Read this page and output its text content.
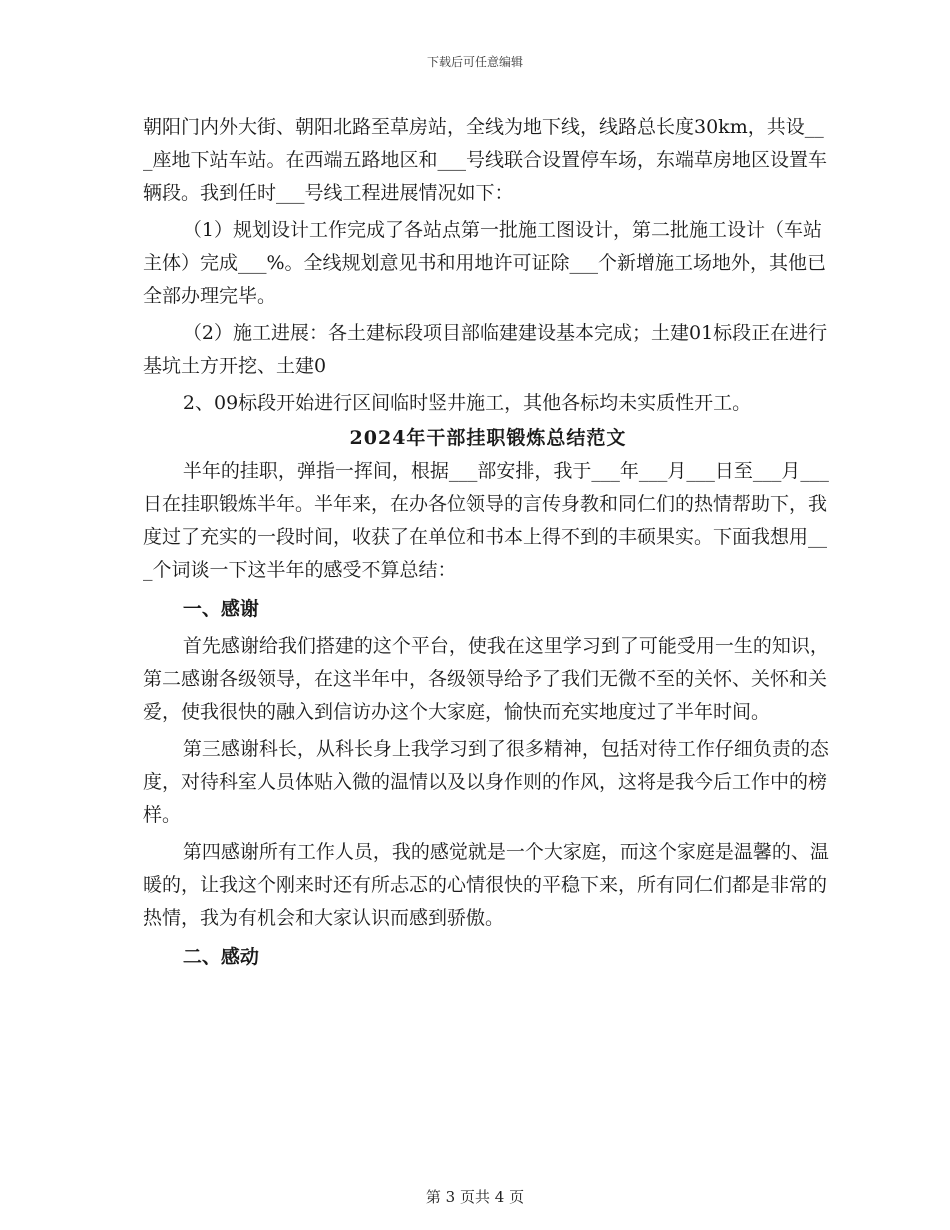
下载后可任意编辑

朝阳门内外大街、朝阳北路至草房站，全线为地下线，线路总长度30km，共设___座地下站车站。在西端五路地区和___号线联合设置停车场，东端草房地区设置车辆段。我到任时___号线工程进展情况如下：

（1）规划设计工作完成了各站点第一批施工图设计，第二批施工设计（车站主体）完成___%。全线规划意见书和用地许可证除___个新增施工场地外，其他已全部办理完毕。

（2）施工进展：各土建标段项目部临建建设基本完成；土建01标段正在进行基坑土方开挖、土建0

2、09标段开始进行区间临时竖井施工，其他各标均未实质性开工。

2024年干部挂职锻炼总结范文

半年的挂职，弹指一挥间，根据___部安排，我于___年___月___日至___月___日在挂职锻炼半年。半年来，在办各位领导的言传身教和同仁们的热情帮助下，我度过了充实的一段时间，收获了在单位和书本上得不到的丰硕果实。下面我想用___个词谈一下这半年的感受不算总结：

一、感谢

首先感谢给我们搭建的这个平台，使我在这里学习到了可能受用一生的知识，第二感谢各级领导，在这半年中，各级领导给予了我们无微不至的关怀、关怀和关爱，使我很快的融入到信访办这个大家庭，愉快而充实地度过了半年时间。

第三感谢科长，从科长身上我学习到了很多精神，包括对待工作仔细负责的态度，对待科室人员体贴入微的温情以及以身作则的作风，这将是我今后工作中的榜样。

第四感谢所有工作人员，我的感觉就是一个大家庭，而这个家庭是温馨的、温暖的，让我这个刚来时还有所忐忑的心情很快的平稳下来，所有同仁们都是非常的热情，我为有机会和大家认识而感到骄傲。

二、感动

第 3 页共 4 页
